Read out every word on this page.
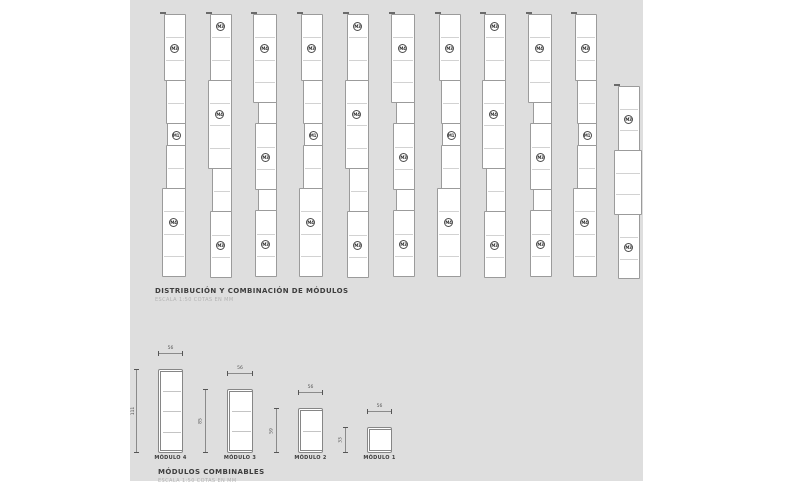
M3
M1
M4
M3
M4
M3
M4
M3
M3
M3
M1
M4
M3
M4
M3
M4
M3
M3
M3
M1
M4
M3
M4
M3
M4
M3
M3
M3
M1
M4
M3
M3
DISTRIBUCIÓN Y COMBINACIÓN DE MÓDULOS
ESCALA 1:50 COTAS EN MM
56
111
MÓDULO 4
56
85
MÓDULO 3
56
59
MÓDULO 2
56
33
MÓDULO 1
MÓDULOS COMBINABLES
ESCALA 1:50 COTAS EN MM
